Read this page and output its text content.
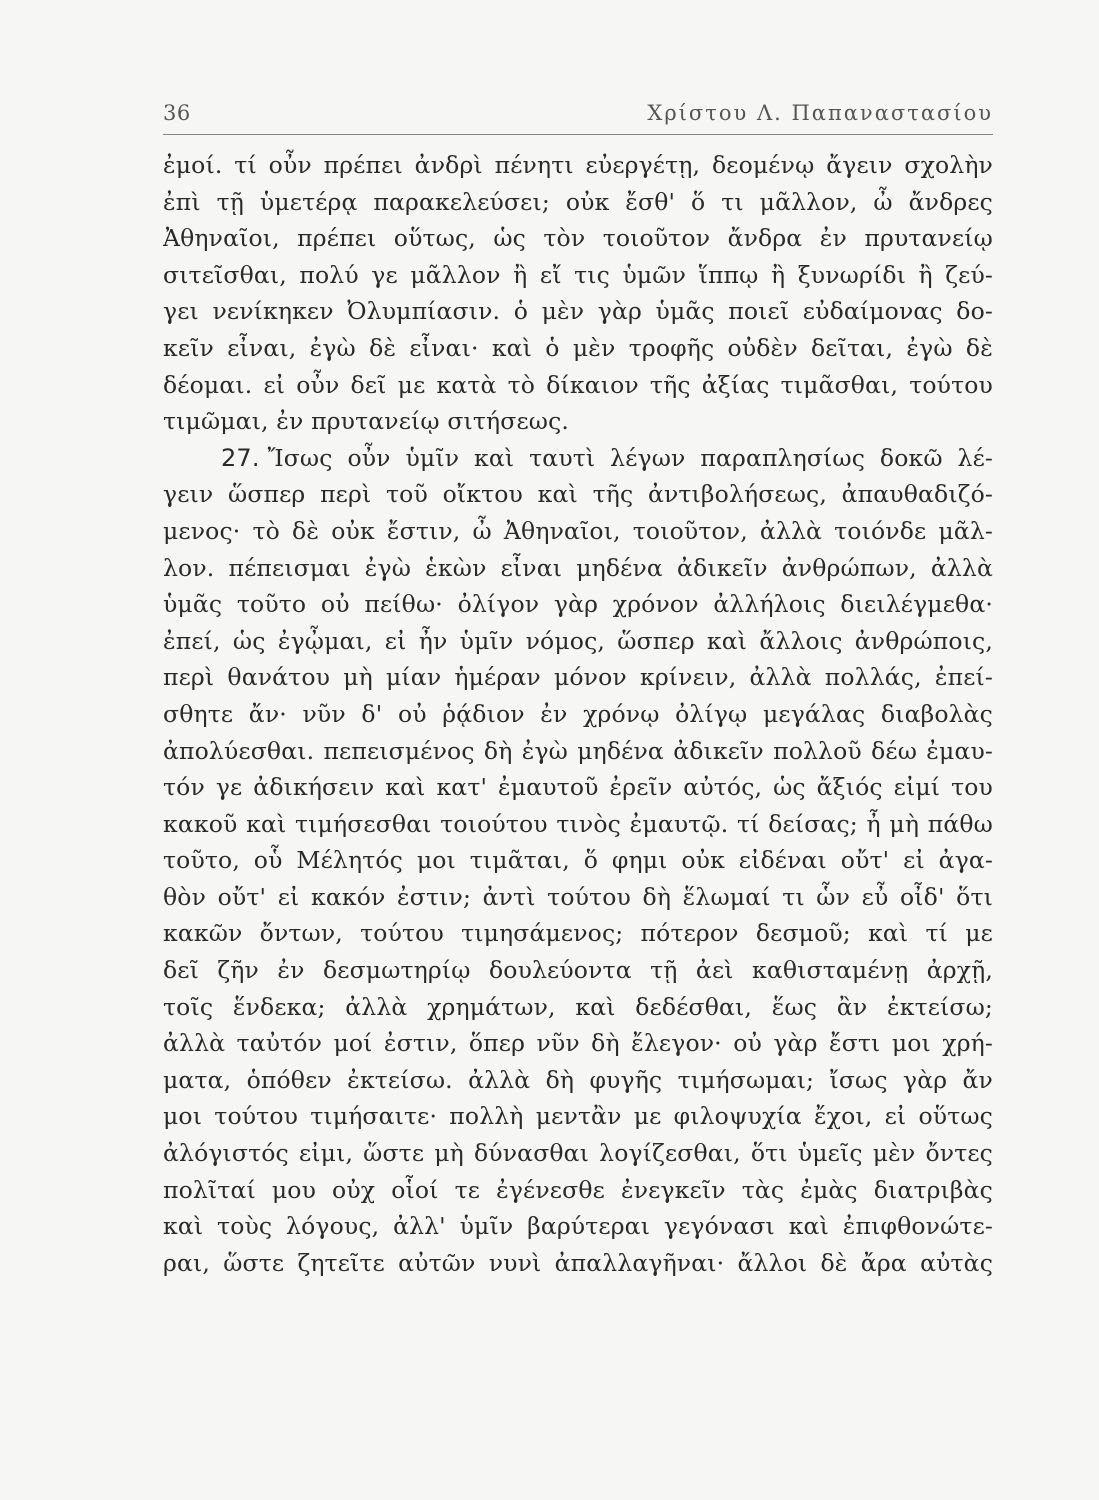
36	Χρίστου Λ. Παπαναστασίου
ἐμοί. τί οὖν πρέπει ἀνδρὶ πένητι εὐεργέτῃ, δεομένῳ ἄγειν σχολὴν
ἐπὶ τῇ ὑμετέρᾳ παρακελεύσει; οὐκ ἔσθ' ὅ τι μᾶλλον, ὦ ἄνδρες
Ἀθηναῖοι, πρέπει οὕτως, ὡς τὸν τοιοῦτον ἄνδρα ἐν πρυτανείῳ
σιτεῖσθαι, πολύ γε μᾶλλον ἢ εἴ τις ὑμῶν ἵππῳ ἢ ξυνωρίδι ἢ ζεύ-
γει νενίκηκεν Ὀλυμπίασιν. ὁ μὲν γὰρ ὑμᾶς ποιεῖ εὐδαίμονας δο-
κεῖν εἶναι, ἐγὼ δὲ εἶναι· καὶ ὁ μὲν τροφῆς οὐδὲν δεῖται, ἐγὼ δὲ
δέομαι. εἰ οὖν δεῖ με κατὰ τὸ δίκαιον τῆς ἀξίας τιμᾶσθαι, τούτου
τιμῶμαι, ἐν πρυτανείῳ σιτήσεως.
27. Ἴσως οὖν ὑμῖν καὶ ταυτὶ λέγων παραπλησίως δοκῶ λέ-
γειν ὥσπερ περὶ τοῦ οἴκτου καὶ τῆς ἀντιβολήσεως, ἀπαυθαδιζό-
μενος· τὸ δὲ οὐκ ἔστιν, ὦ Ἀθηναῖοι, τοιοῦτον, ἀλλὰ τοιόνδε μᾶλ-
λον. πέπεισμαι ἐγὼ ἑκὼν εἶναι μηδένα ἀδικεῖν ἀνθρώπων, ἀλλὰ
ὑμᾶς τοῦτο οὐ πείθω· ὀλίγον γὰρ χρόνον ἀλλήλοις διειλέγμεθα·
ἐπεί, ὡς ἐγᾦμαι, εἰ ἦν ὑμῖν νόμος, ὥσπερ καὶ ἄλλοις ἀνθρώποις,
περὶ θανάτου μὴ μίαν ἡμέραν μόνον κρίνειν, ἀλλὰ πολλάς, ἐπεί-
σθητε ἄν· νῦν δ' οὐ ῥᾴδιον ἐν χρόνῳ ὀλίγῳ μεγάλας διαβολὰς
ἀπολύεσθαι. πεπεισμένος δὴ ἐγὼ μηδένα ἀδικεῖν πολλοῦ δέω ἐμαυ-
τόν γε ἀδικήσειν καὶ κατ' ἐμαυτοῦ ἐρεῖν αὐτός, ὡς ἄξιός εἰμί του
κακοῦ καὶ τιμήσεσθαι τοιούτου τινὸς ἐμαυτῷ. τί δείσας; ἦ μὴ πάθω
τοῦτο, οὗ Μέλητός μοι τιμᾶται, ὅ φημι οὐκ εἰδέναι οὔτ' εἰ ἀγα-
θὸν οὔτ' εἰ κακόν ἐστιν; ἀντὶ τούτου δὴ ἕλωμαί τι ὧν εὖ οἶδ' ὅτι
κακῶν ὄντων, τούτου τιμησάμενος; πότερον δεσμοῦ; καὶ τί με
δεῖ ζῆν ἐν δεσμωτηρίῳ δουλεύοντα τῇ ἀεὶ καθισταμένῃ ἀρχῇ,
τοῖς ἕνδεκα; ἀλλὰ χρημάτων, καὶ δεδέσθαι, ἕως ἂν ἐκτείσω;
ἀλλὰ ταὐτόν μοί ἐστιν, ὅπερ νῦν δὴ ἔλεγον· οὐ γὰρ ἔστι μοι χρή-
ματα, ὁπόθεν ἐκτείσω. ἀλλὰ δὴ φυγῆς τιμήσωμαι; ἴσως γὰρ ἄν
μοι τούτου τιμήσαιτε· πολλὴ μεντἂν με φιλοψυχία ἔχοι, εἰ οὕτως
ἀλόγιστός εἰμι, ὥστε μὴ δύνασθαι λογίζεσθαι, ὅτι ὑμεῖς μὲν ὄντες
πολῖταί μου οὐχ οἷοί τε ἐγένεσθε ἐνεγκεῖν τὰς ἐμὰς διατριβὰς
καὶ τοὺς λόγους, ἀλλ' ὑμῖν βαρύτεραι γεγόνασι καὶ ἐπιφθονώτε-
ραι, ὥστε ζητεῖτε αὐτῶν νυνὶ ἀπαλλαγῆναι· ἄλλοι δὲ ἄρα αὐτὰς
